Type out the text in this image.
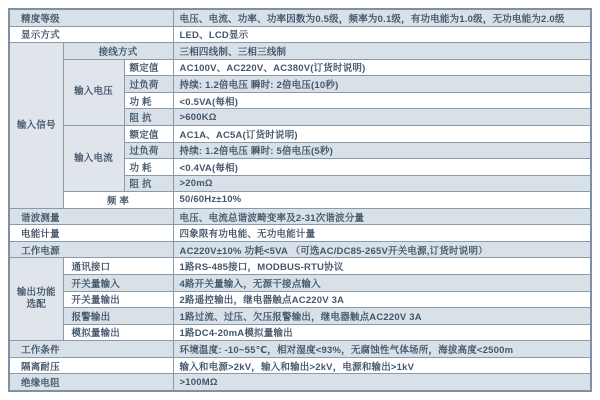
精度等级			电压、电流、功率、功率因数为0.5级，频率为0.1级，有功电能为1.0级，无功电能为2.0级
显示方式			LED、LCD显示
输入信号	接线方式		三相四线制、三相三线制
	输入电压	额定值	AC100V、AC220V、AC380V(订货时说明)
		过负荷	持续: 1.2倍电压 瞬时: 2倍电压(10秒)
		功 耗	<0.5VA(每相)
		阻 抗	>600KΩ
	输入电流	额定值	AC1A、AC5A(订货时说明)
		过负荷	持续: 1.2倍电压 瞬时: 5倍电压(5秒)
		功 耗	<0.4VA(每相)
		阻 抗	>20mΩ
	频 率		50/60Hz±10%
谐波测量			电压、电流总谐波畸变率及2-31次谐波分量
电能计量			四象限有功电能、无功电能计量
工作电源			AC220V±10% 功耗<5VA （可选AC/DC85-265V开关电源,订货时说明）
输出功能选配	通讯接口		1路RS-485接口，MODBUS-RTU协议
	开关量输入		4路开关量输入，无源干接点输入
	开关量输出		2路遥控输出，继电器触点AC220V 3A
	报警输出		1路过流、过压、欠压报警输出，继电器触点AC220V 3A
	模拟量输出		1路DC4-20mA模拟量输出
工作条件			环境温度: -10~55℃，相对湿度<93%，无腐蚀性气体场所，海拔高度<2500m
隔离耐压			输入和电源>2kV，输入和输出>2kV，电源和输出>1kV
绝缘电阻			>100MΩ
